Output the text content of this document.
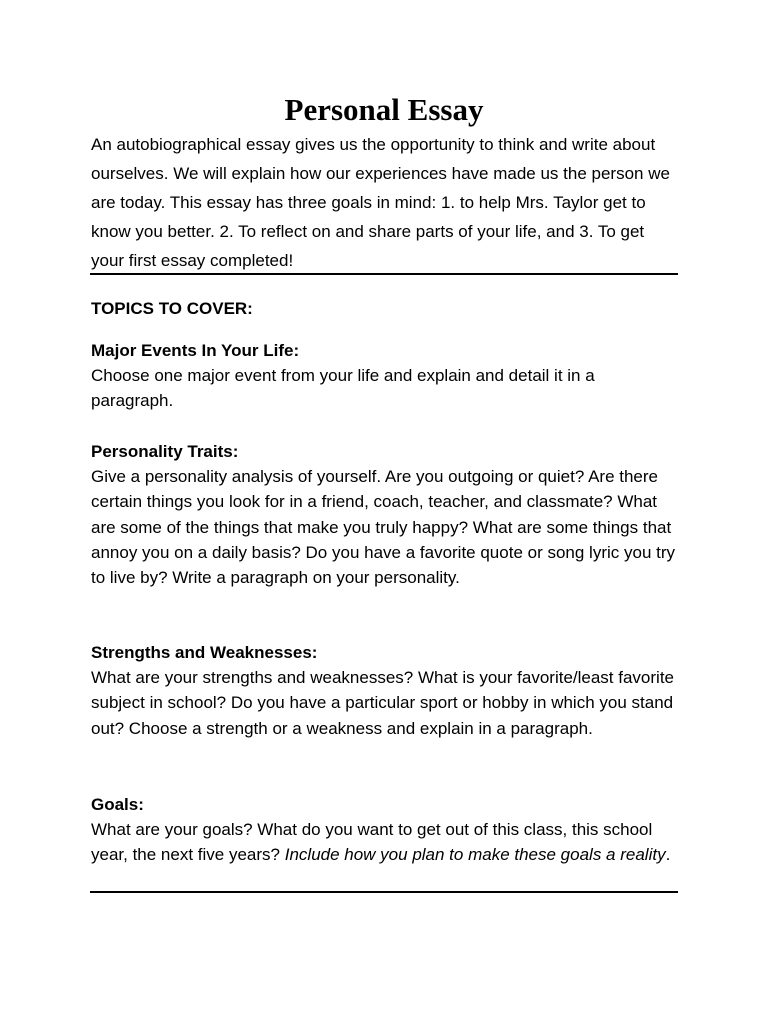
Personal Essay

An autobiographical essay gives us the opportunity to think and write about ourselves. We will explain how our experiences have made us the person we are today. This essay has three goals in mind: 1. to help Mrs. Taylor get to know you better. 2. To reflect on and share parts of your life, and 3. To get your first essay completed!

TOPICS TO COVER:

Major Events In Your Life:

Choose one major event from your life and explain and detail it in a paragraph.

Personality Traits:

Give a personality analysis of yourself. Are you outgoing or quiet? Are there certain things you look for in a friend, coach, teacher, and classmate? What are some of the things that make you truly happy? What are some things that annoy you on a daily basis? Do you have a favorite quote or song lyric you try to live by? Write a paragraph on your personality.

Strengths and Weaknesses:

What are your strengths and weaknesses? What is your favorite/least favorite subject in school? Do you have a particular sport or hobby in which you stand out? Choose a strength or a weakness and explain in a paragraph.

Goals:

What are your goals? What do you want to get out of this class, this school year, the next five years? Include how you plan to make these goals a reality.
